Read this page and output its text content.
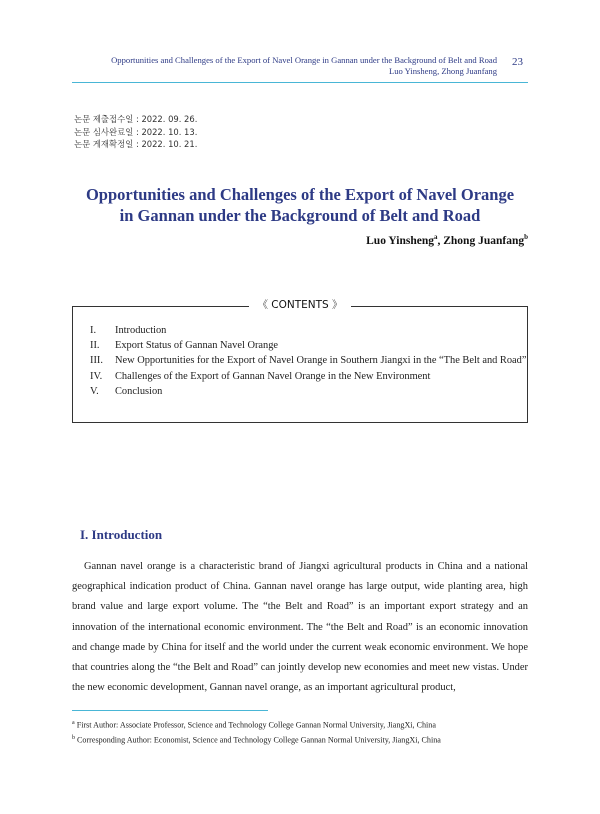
Opportunities and Challenges of the Export of Navel Orange in Gannan under the Background of Belt and Road
Luo Yinsheng, Zhong Juanfang
23
논문 제출접수일 : 2022. 09. 26.
논문 심사완료일 : 2022. 10. 13.
논문 게재확정일 : 2022. 10. 21.
Opportunities and Challenges of the Export of Navel Orange
in Gannan under the Background of Belt and Road
Luo Yinsheng$^a$, Zhong Juanfang$^b$
《 CONTENTS 》
I. Introduction
II. Export Status of Gannan Navel Orange
III. New Opportunities for the Export of Navel Orange in Southern Jiangxi in the “The Belt and Road”
IV. Challenges of the Export of Gannan Navel Orange in the New Environment
V. Conclusion
I. Introduction

Gannan navel orange is a characteristic brand of Jiangxi agricultural products in China and a national geographical indication product of China. Gannan navel orange has large output, wide planting area, high brand value and large export volume. The “the Belt and Road” is an important export strategy and an innovation of the international economic environment. The “the Belt and Road” is an economic innovation and change made by China for itself and the world under the current weak economic environment. We hope that countries along the “the Belt and Road” can jointly develop new economies and meet new vistas. Under the new economic development, Gannan navel orange, as an important agricultural product,

$^a$ First Author: Associate Professor, Science and Technology College Gannan Normal University, JiangXi, China
$^b$ Corresponding Author: Economist, Science and Technology College Gannan Normal University, JiangXi, China
